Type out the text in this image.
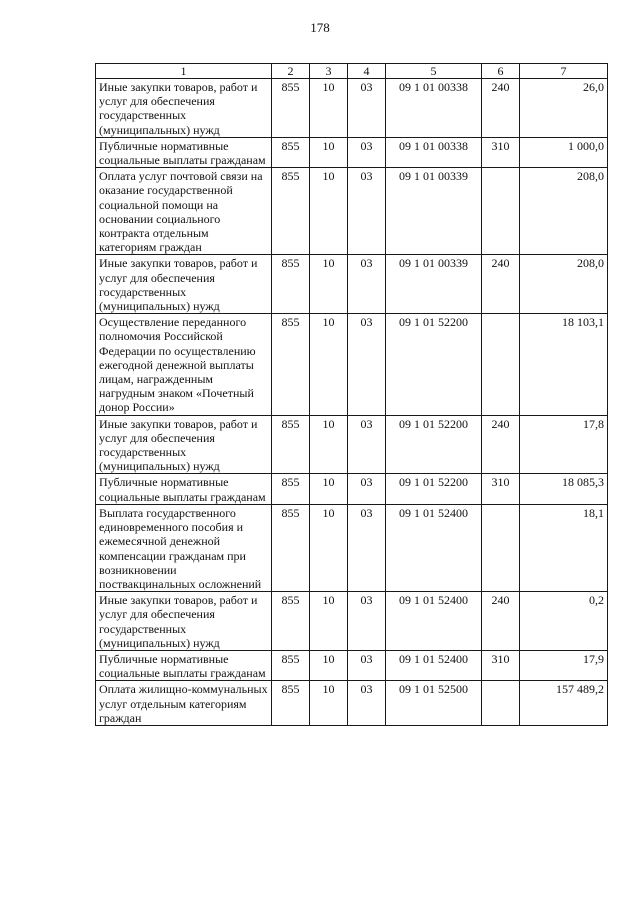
178
1	2	3	4	5	6	7
Иные закупки товаров, работ и услуг для обеспечения государственных (муниципальных) нужд	855	10	03	09 1 01 00338	240	26,0
Публичные нормативные социальные выплаты гражданам	855	10	03	09 1 01 00338	310	1 000,0
Оплата услуг почтовой связи на оказание государственной социальной помощи на основании социального контракта отдельным категориям граждан	855	10	03	09 1 01 00339		208,0
Иные закупки товаров, работ и услуг для обеспечения государственных (муниципальных) нужд	855	10	03	09 1 01 00339	240	208,0
Осуществление переданного полномочия Российской Федерации по осуществлению ежегодной денежной выплаты лицам, награжденным нагрудным знаком «Почетный донор России»	855	10	03	09 1 01 52200		18 103,1
Иные закупки товаров, работ и услуг для обеспечения государственных (муниципальных) нужд	855	10	03	09 1 01 52200	240	17,8
Публичные нормативные социальные выплаты гражданам	855	10	03	09 1 01 52200	310	18 085,3
Выплата государственного единовременного пособия и ежемесячной денежной компенсации гражданам при возникновении поствакцинальных осложнений	855	10	03	09 1 01 52400		18,1
Иные закупки товаров, работ и услуг для обеспечения государственных (муниципальных) нужд	855	10	03	09 1 01 52400	240	0,2
Публичные нормативные социальные выплаты гражданам	855	10	03	09 1 01 52400	310	17,9
Оплата жилищно-коммунальных услуг отдельным категориям граждан	855	10	03	09 1 01 52500		157 489,2
